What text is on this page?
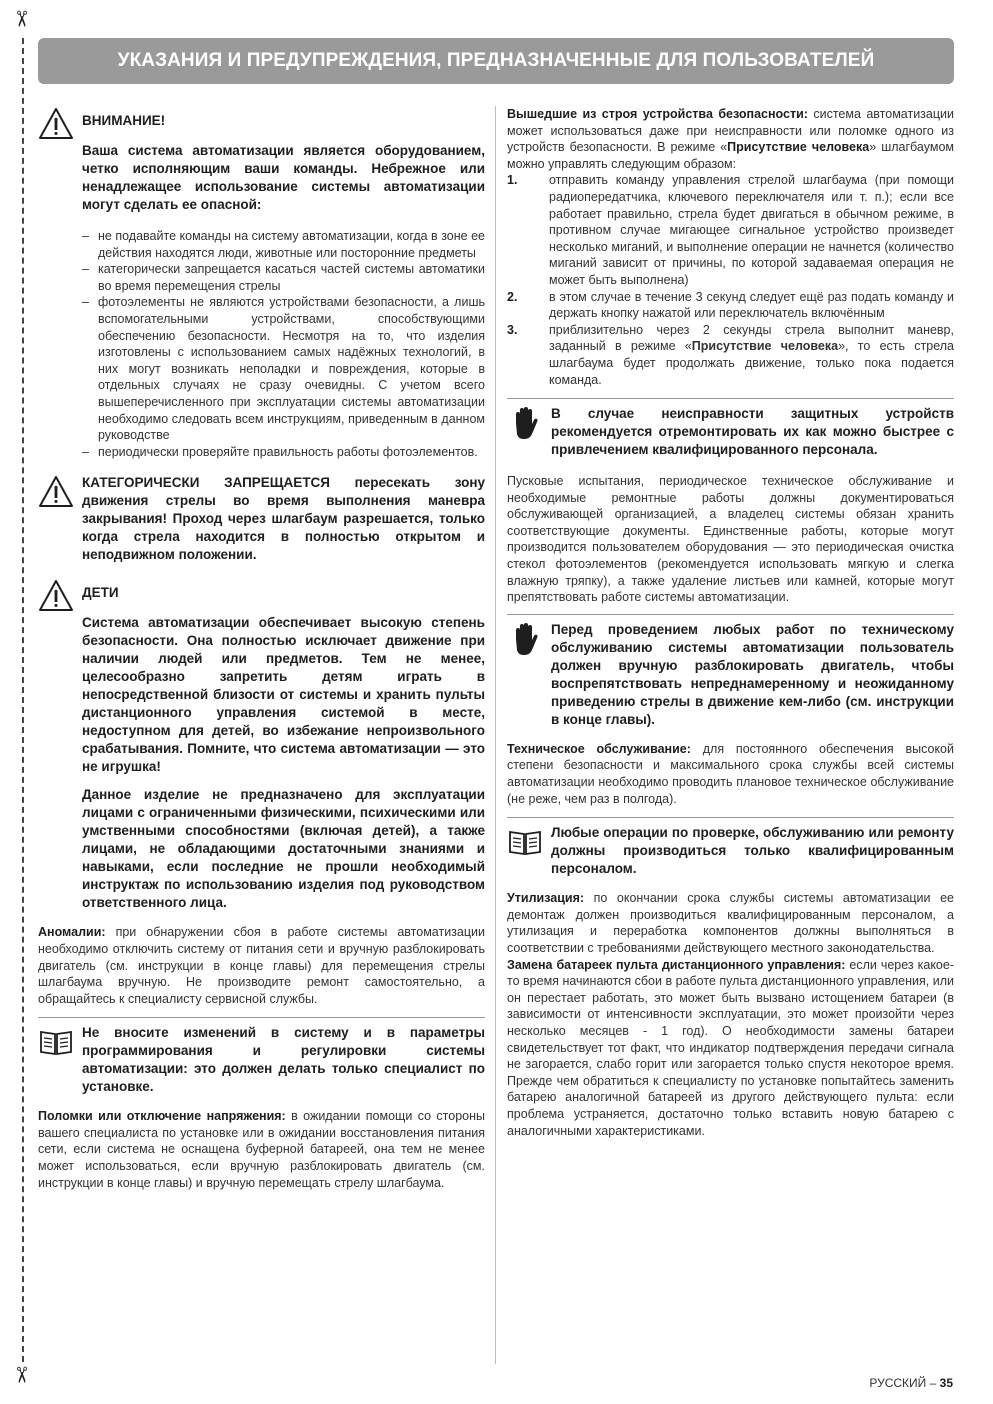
✂
✂
УКАЗАНИЯ И ПРЕДУПРЕЖДЕНИЯ, ПРЕДНАЗНАЧЕННЫЕ ДЛЯ ПОЛЬЗОВАТЕЛЕЙ
ВНИМАНИЕ!

Ваша система автоматизации является оборудованием, четко исполняющим ваши команды. Небрежное или ненадлежащее использование системы автоматизации могут сделать ее опасной:

– не подавайте команды на систему автоматизации, когда в зоне ее действия находятся люди, животные или посторонние предметы
– категорически запрещается касаться частей системы автоматики во время перемещения стрелы
– фотоэлементы не являются устройствами безопасности, а лишь вспомогательными устройствами, способствующими обеспечению безопасности. Несмотря на то, что изделия изготовлены с использованием самых надёжных технологий, в них могут возникать неполадки и повреждения, которые в отдельных случаях не сразу очевидны. С учетом всего вышеперечисленного при эксплуатации системы автоматизации необходимо следовать всем инструкциям, приведенным в данном руководстве
– периодически проверяйте правильность работы фотоэлементов.

КАТЕГОРИЧЕСКИ ЗАПРЕЩАЕТСЯ пересекать зону движения стрелы во время выполнения маневра закрывания! Проход через шлагбаум разрешается, только когда стрела находится в полностью открытом и неподвижном положении.

ДЕТИ

Система автоматизации обеспечивает высокую степень безопасности. Она полностью исключает движение при наличии людей или предметов. Тем не менее, целесообразно запретить детям играть в непосредственной близости от системы и хранить пульты дистанционного управления системой в месте, недоступном для детей, во избежание непроизвольного срабатывания. Помните, что система автоматизации — это не игрушка!

Данное изделие не предназначено для эксплуатации лицами с ограниченными физическими, психическими или умственными способностями (включая детей), а также лицами, не обладающими достаточными знаниями и навыками, если последние не прошли необходимый инструктаж по использованию изделия под руководством ответственного лица.

Аномалии: при обнаружении сбоя в работе системы автоматизации необходимо отключить систему от питания сети и вручную разблокировать двигатель (см. инструкции в конце главы) для перемещения стрелы шлагбаума вручную. Не производите ремонт самостоятельно, а обращайтесь к специалисту сервисной службы.

Не вносите изменений в систему и в параметры программирования и регулировки системы автоматизации: это должен делать только специалист по установке.

Поломки или отключение напряжения: в ожидании помощи со стороны вашего специалиста по установке или в ожидании восстановления питания сети, если система не оснащена буферной батареей, она тем не менее может использоваться, если вручную разблокировать двигатель (см. инструкции в конце главы) и вручную перемещать стрелу шлагбаума.

Вышедшие из строя устройства безопасности: система автоматизации может использоваться даже при неисправности или поломке одного из устройств безопасности. В режиме «Присутствие человека» шлагбаумом можно управлять следующим образом:

1.	отправить команду управления стрелой шлагбаума (при помощи радиопередатчика, ключевого переключателя или т. п.); если все работает правильно, стрела будет двигаться в обычном режиме, в противном случае мигающее сигнальное устройство произведет несколько миганий, и выполнение операции не начнется (количество миганий зависит от причины, по которой задаваемая операция не может быть выполнена)
2.	в этом случае в течение 3 секунд следует ещё раз подать команду и держать кнопку нажатой или переключатель включённым
3.	приблизительно через 2 секунды стрела выполнит маневр, заданный в режиме «Присутствие человека», то есть стрела шлагбаума будет продолжать движение, только пока подается команда.

В случае неисправности защитных устройств рекомендуется отремонтировать их как можно быстрее с привлечением квалифицированного персонала.

Пусковые испытания, периодическое техническое обслуживание и необходимые ремонтные работы должны документироваться обслуживающей организацией, а владелец системы обязан хранить соответствующие документы. Единственные работы, которые могут производится пользователем оборудования — это периодическая очистка стекол фотоэлементов (рекомендуется использовать мягкую и слегка влажную тряпку), а также удаление листьев или камней, которые могут препятствовать работе системы автоматизации.

Перед проведением любых работ по техническому обслуживанию системы автоматизации пользователь должен вручную разблокировать двигатель, чтобы воспрепятствовать непреднамеренному и неожиданному приведению стрелы в движение кем-либо (см. инструкции в конце главы).

Техническое обслуживание: для постоянного обеспечения высокой степени безопасности и максимального срока службы всей системы автоматизации необходимо проводить плановое техническое обслуживание (не реже, чем раз в полгода).

Любые операции по проверке, обслуживанию или ремонту должны производиться только квалифицированным персоналом.

Утилизация: по окончании срока службы системы автоматизации ее демонтаж должен производиться квалифицированным персоналом, а утилизация и переработка компонентов должны выполняться в соответствии с требованиями действующего местного законодательства.

Замена батареек пульта дистанционного управления: если через какое-то время начинаются сбои в работе пульта дистанционного управления, или он перестает работать, это может быть вызвано истощением батареи (в зависимости от интенсивности эксплуатации, это может произойти через несколько месяцев - 1 год). О необходимости замены батареи свидетельствует тот факт, что индикатор подтверждения передачи сигнала не загорается, слабо горит или загорается только спустя некоторое время. Прежде чем обратиться к специалисту по установке попытайтесь заменить батарею аналогичной батареей из другого действующего пульта: если проблема устраняется, достаточно только вставить новую батарею с аналогичными характеристиками.

РУССКИЙ – 35
